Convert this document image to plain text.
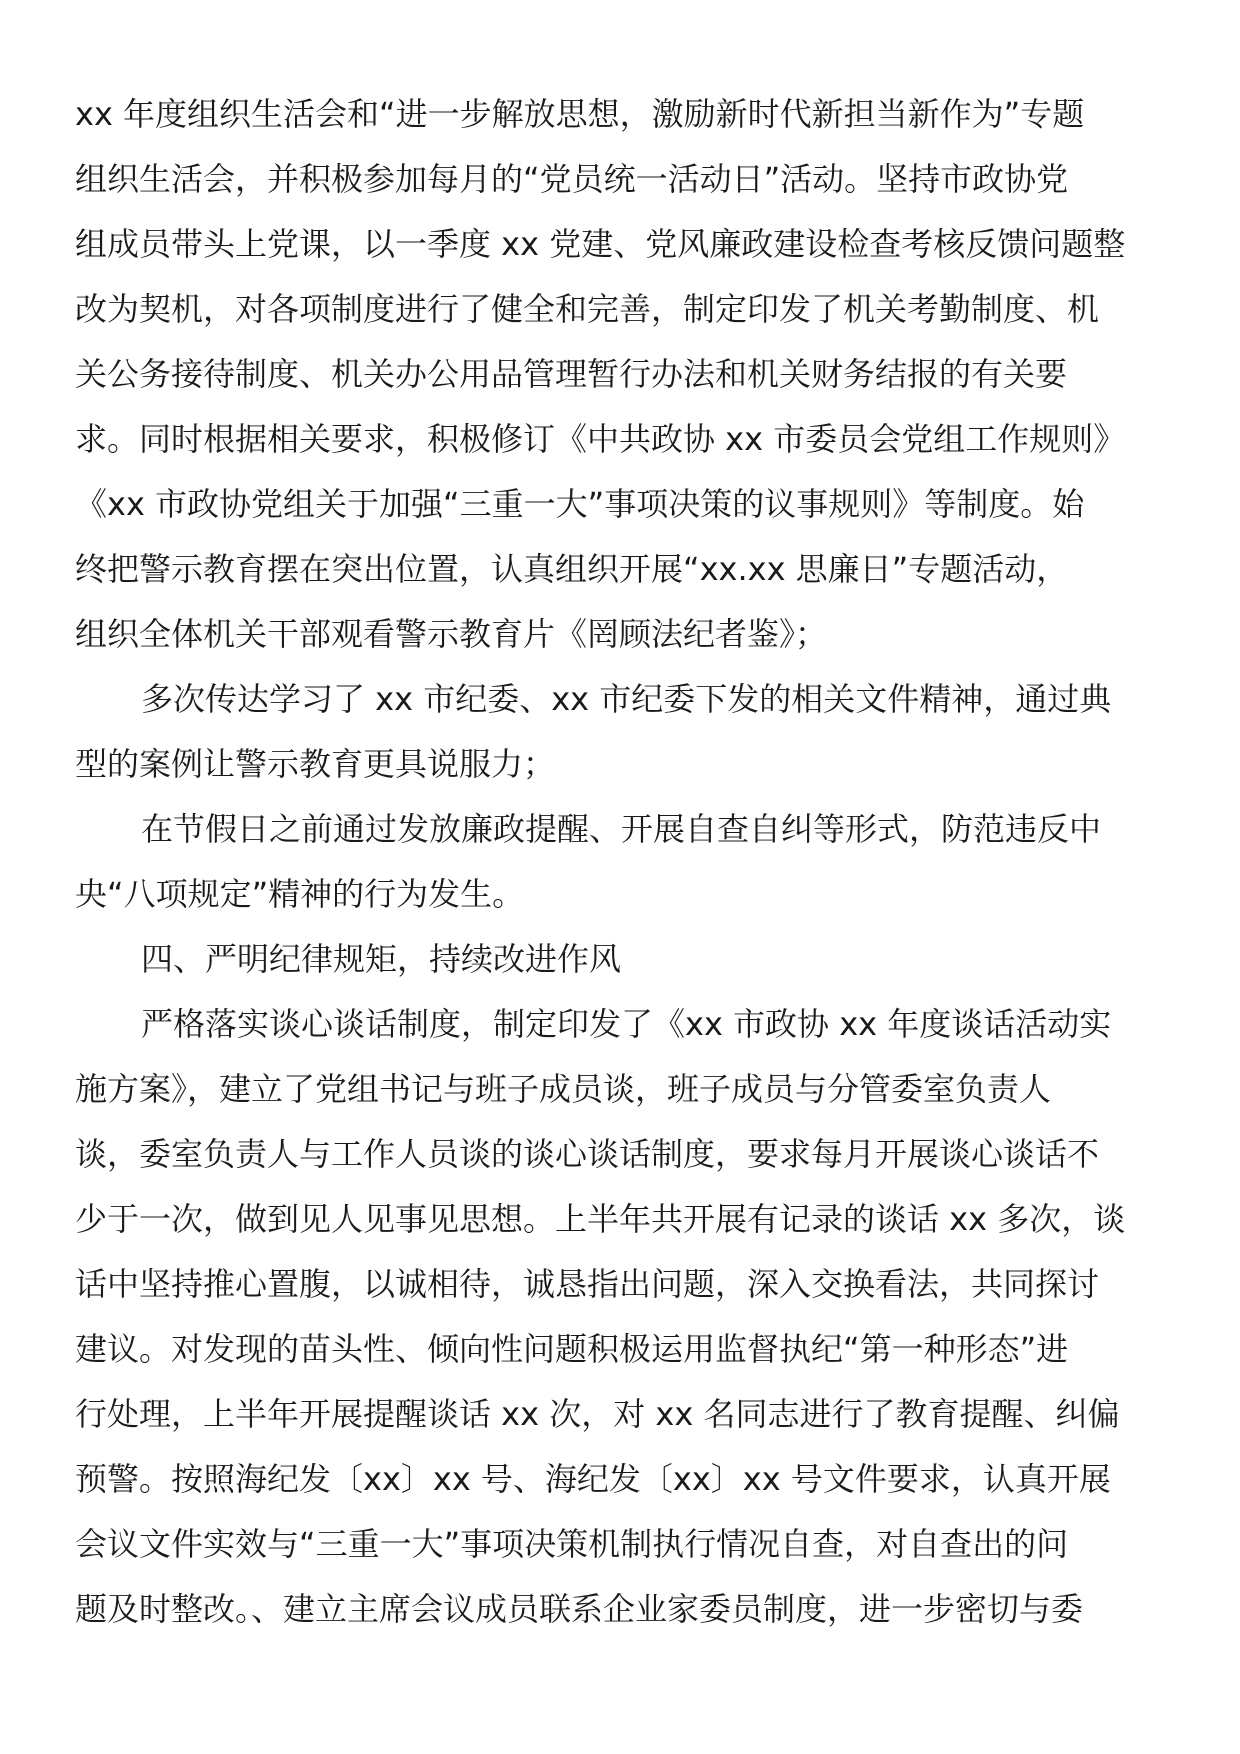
xx 年度组织生活会和“进一步解放思想，激励新时代新担当新作为”专题
组织生活会，并积极参加每月的“党员统一活动日”活动。坚持市政协党
组成员带头上党课，以一季度 xx 党建、党风廉政建设检查考核反馈问题整
改为契机，对各项制度进行了健全和完善，制定印发了机关考勤制度、机
关公务接待制度、机关办公用品管理暂行办法和机关财务结报的有关要
求。同时根据相关要求，积极修订《中共政协 xx 市委员会党组工作规则》
《xx 市政协党组关于加强“三重一大”事项决策的议事规则》等制度。始
终把警示教育摆在突出位置，认真组织开展“xx.xx 思廉日”专题活动，
组织全体机关干部观看警示教育片《罔顾法纪者鉴》；
多次传达学习了 xx 市纪委、xx 市纪委下发的相关文件精神，通过典
型的案例让警示教育更具说服力；
在节假日之前通过发放廉政提醒、开展自查自纠等形式，防范违反中
央“八项规定”精神的行为发生。
四、严明纪律规矩，持续改进作风
严格落实谈心谈话制度，制定印发了《xx 市政协 xx 年度谈话活动实
施方案》，建立了党组书记与班子成员谈，班子成员与分管委室负责人
谈，委室负责人与工作人员谈的谈心谈话制度，要求每月开展谈心谈话不
少于一次，做到见人见事见思想。上半年共开展有记录的谈话 xx 多次，谈
话中坚持推心置腹，以诚相待，诚恳指出问题，深入交换看法，共同探讨
建议。对发现的苗头性、倾向性问题积极运用监督执纪“第一种形态”进
行处理，上半年开展提醒谈话 xx 次，对 xx 名同志进行了教育提醒、纠偏
预警。按照海纪发〔xx〕xx 号、海纪发〔xx〕xx 号文件要求，认真开展
会议文件实效与“三重一大”事项决策机制执行情况自查，对自查出的问
题及时整改。、建立主席会议成员联系企业家委员制度，进一步密切与委
